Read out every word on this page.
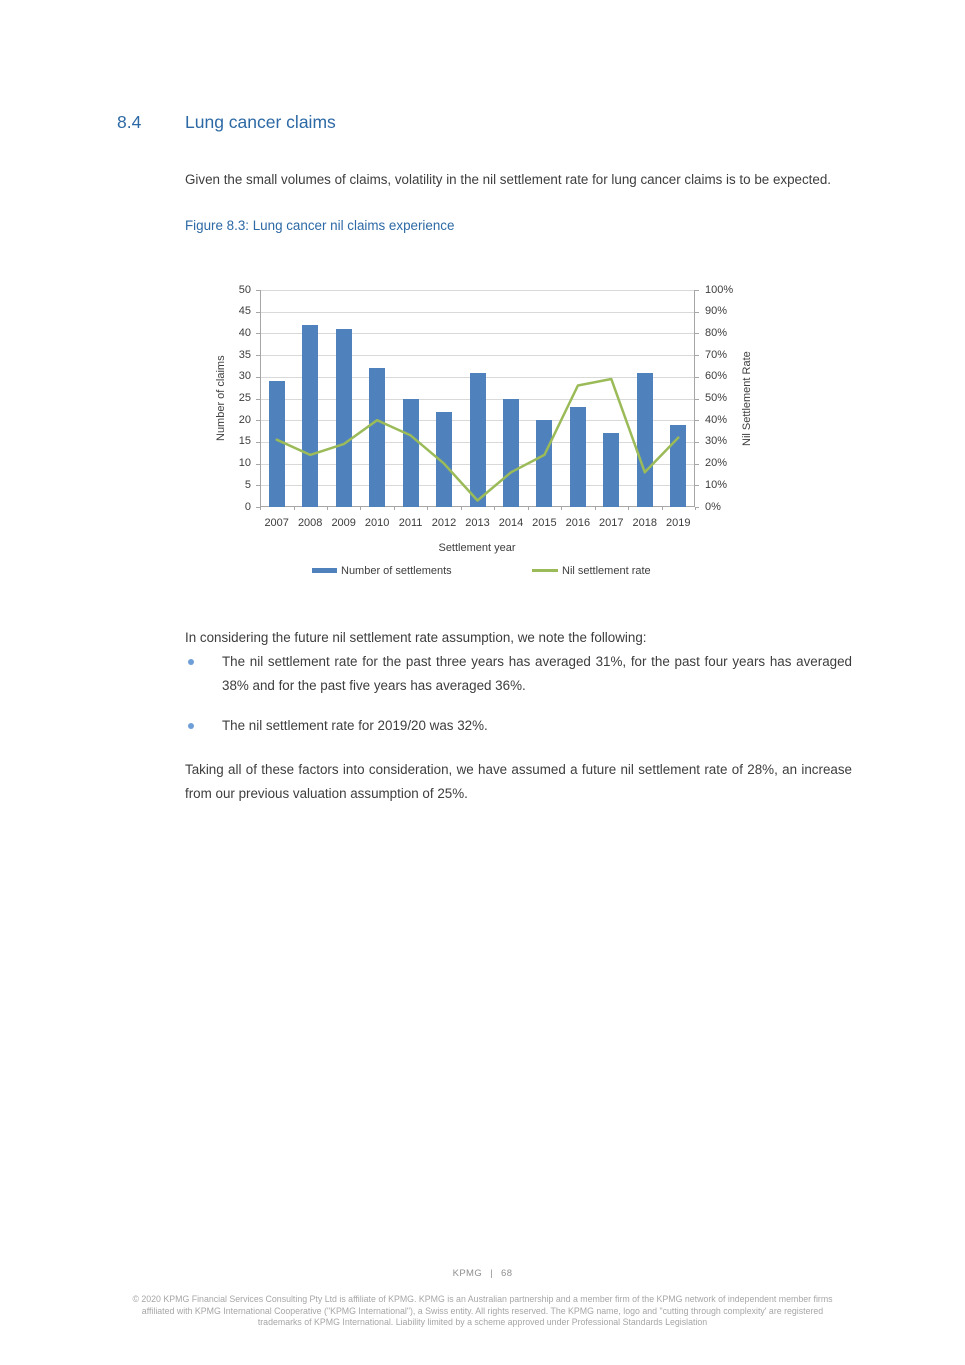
8.4	Lung cancer claims

Given the small volumes of claims, volatility in the nil settlement rate for lung cancer claims is to be expected.

Figure 8.3: Lung cancer nil claims experience
Number of claims	Nil Settlement Rate
Settlement year
Number of settlements	Nil settlement rate
50	100%
45	90%
40	80%
35	70%
30	60%
25	50%
20	40%
15	30%
10	20%
5	10%
0	0%
2007 2008 2009 2010 2011 2012 2013 2014 2015 2016 2017 2018 2019

In considering the future nil settlement rate assumption, we note the following:

The nil settlement rate for the past three years has averaged 31%, for the past four years has averaged 38% and for the past five years has averaged 36%.
The nil settlement rate for 2019/20 was 32%.

Taking all of these factors into consideration, we have assumed a future nil settlement rate of 28%, an increase from our previous valuation assumption of 25%.

KPMG | 68
© 2020 KPMG Financial Services Consulting Pty Ltd is affiliate of KPMG. KPMG is an Australian partnership and a member firm of the KPMG network of independent member firms
affiliated with KPMG International Cooperative ("KPMG International"), a Swiss entity. All rights reserved. The KPMG name, logo and "cutting through complexity' are registered
trademarks of KPMG International. Liability limited by a scheme approved under Professional Standards Legislation
